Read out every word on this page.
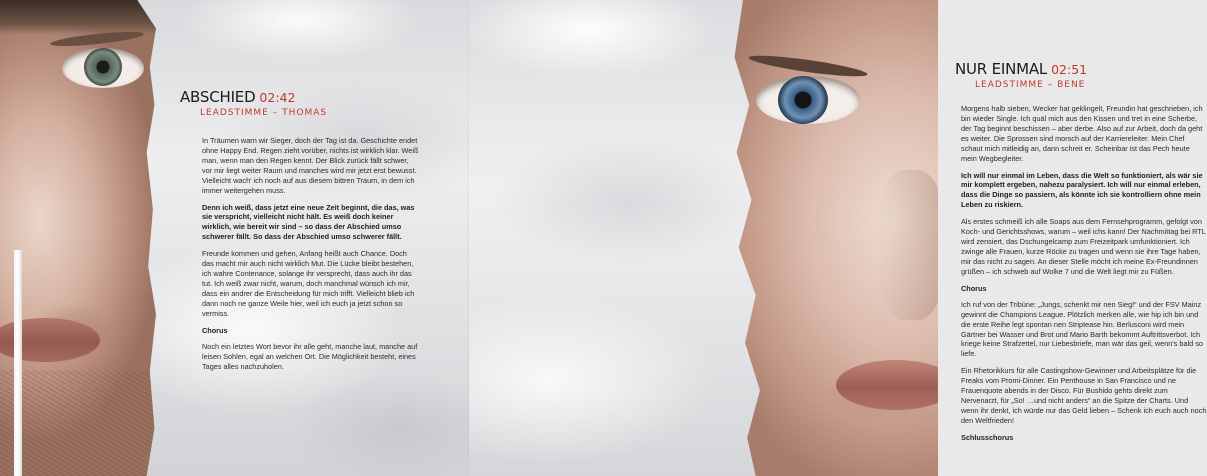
ABSCHIED 02:42
LEADSTIMME – THOMAS

In Träumen warn wir Sieger, doch der Tag ist da. Geschichte endet ohne Happy End. Regen zieht vorüber, nichts ist wirklich klar. Weiß man, wenn man den Regen kennt. Der Blick zurück fällt schwer, vor mir liegt weiter Raum und manches wird mir jetzt erst bewusst. Vielleicht wach' ich noch auf aus diesem bittren Traum, in dem ich immer weitergehen muss.

Denn ich weiß, dass jetzt eine neue Zeit beginnt, die das, was sie verspricht, vielleicht nicht hält. Es weiß doch keiner wirklich, wie bereit wir sind – so dass der Abschied umso schwerer fällt. So dass der Abschied umso schwerer fällt.

Freunde kommen und gehen, Anfang heißt auch Chance. Doch das macht mir auch nicht wirklich Mut. Die Lücke bleibt bestehen, ich wahre Contenance, solange ihr versprecht, dass auch ihr das tut. Ich weiß zwar nicht, warum, doch manchmal wünsch ich mir, dass ein andrer die Entscheidung für mich trifft. Vielleicht blieb ich dann noch ne ganze Weile hier, weil ich euch ja jetzt schon so vermiss.

Chorus

Noch ein letztes Wort bevor ihr alle geht, manche laut, manche auf leisen Sohlen, egal an welchen Ort. Die Möglichkeit besteht, eines Tages alles nachzuholen.

NUR EINMAL 02:51
LEADSTIMME – BENE

Morgens halb sieben, Wecker hat geklingelt, Freundin hat geschrieben, ich bin wieder Single. Ich quäl mich aus den Kissen und tret in eine Scherbe, der Tag beginnt beschissen – aber derbe. Also auf zur Arbeit, doch da geht es weiter. Die Sprossen sind morsch auf der Karriereleiter. Mein Chef schaut mich mitleidig an, dann schreit er. Scheinbar ist das Pech heute mein Wegbegleiter.

Ich will nur einmal im Leben, dass die Welt so funktioniert, als wär sie mir komplett ergeben, nahezu paralysiert. Ich will nur einmal erleben, dass die Dinge so passiern, als könnte ich sie kontrolliern ohne mein Leben zu riskiern.

Als erstes schmeiß ich alle Soaps aus dem Fernsehprogramm, gefolgt von Koch- und Gerichtsshows, warum – weil ichs kann! Der Nachmittag bei RTL wird zensiert, das Dschungelcamp zum Freizeitpark umfunktioniert. Ich zwinge alle Frauen, kurze Röcke zu tragen und wenn sie ihre Tage haben, mir das nicht zu sagen. An dieser Stelle möcht ich meine Ex-Freundinnen grüßen – ich schweb auf Wolke 7 und die Welt liegt mir zu Füßen.

Chorus

Ich ruf von der Tribüne: „Jungs, schenkt mir nen Sieg!“ und der FSV Mainz gewinnt die Champions League. Plötzlich merken alle, wie hip ich bin und die erste Reihe legt spontan nen Striptease hin. Berlusconi wird mein Gärtner bei Wasser und Brot und Mario Barth bekommt Auftrittsverbot. Ich kriege keine Strafzettel, nur Liebesbriefe, man wär das geil, wenn's bald so liefe.

Ein Rhetorikkurs für alle Castingshow-Gewinner und Arbeitsplätze für die Freaks vom Promi-Dinner. Ein Penthouse in San Francisco und ne Frauenquote abends in der Disco. Für Bushido gehts direkt zum Nervenarzt, für „So! …und nicht anders“ an die Spitze der Charts. Und wenn ihr denkt, ich würde nur das Geld lieben – Schenk ich euch auch noch den Weltfrieden!

Schlusschorus
